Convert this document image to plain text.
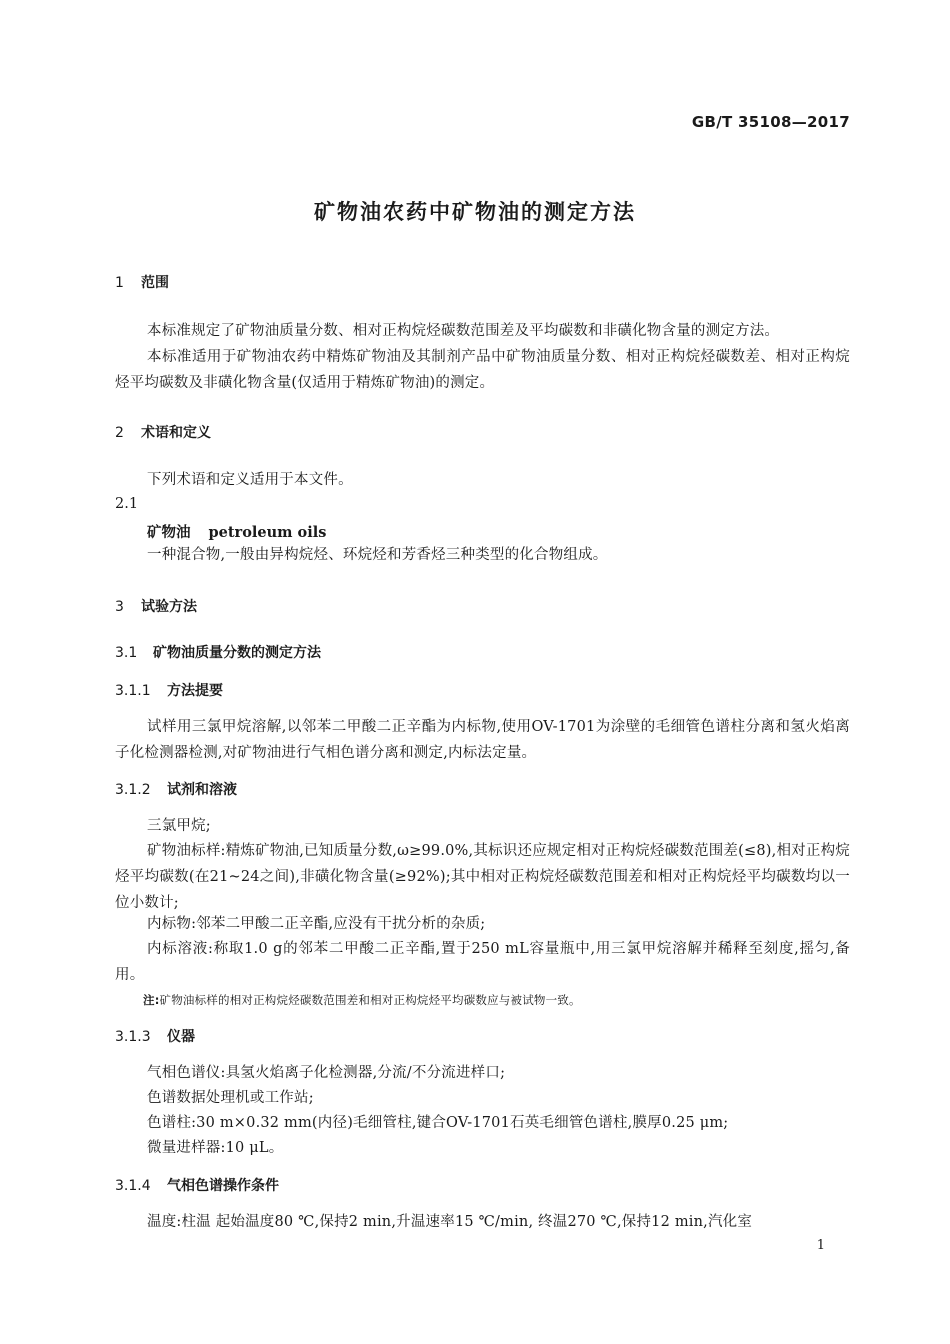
GB/T 35108—2017
矿物油农药中矿物油的测定方法
1 范围
本标准规定了矿物油质量分数、相对正构烷烃碳数范围差及平均碳数和非磺化物含量的测定方法。
本标准适用于矿物油农药中精炼矿物油及其制剂产品中矿物油质量分数、相对正构烷烃碳数差、相对正构烷烃平均碳数及非磺化物含量(仅适用于精炼矿物油)的测定。
2 术语和定义
下列术语和定义适用于本文件。
2.1
矿物油 petroleum oils
一种混合物,一般由异构烷烃、环烷烃和芳香烃三种类型的化合物组成。
3 试验方法
3.1 矿物油质量分数的测定方法
3.1.1 方法提要
试样用三氯甲烷溶解,以邻苯二甲酸二正辛酯为内标物,使用OV-1701为涂壁的毛细管色谱柱分离和氢火焰离子化检测器检测,对矿物油进行气相色谱分离和测定,内标法定量。
3.1.2 试剂和溶液
三氯甲烷;
矿物油标样:精炼矿物油,已知质量分数,ω≥99.0%,其标识还应规定相对正构烷烃碳数范围差(≤8),相对正构烷烃平均碳数(在21~24之间),非磺化物含量(≥92%);其中相对正构烷烃碳数范围差和相对正构烷烃平均碳数均以一位小数计;
内标物:邻苯二甲酸二正辛酯,应没有干扰分析的杂质;
内标溶液:称取1.0 g的邻苯二甲酸二正辛酯,置于250 mL容量瓶中,用三氯甲烷溶解并稀释至刻度,摇匀,备用。
注:矿物油标样的相对正构烷烃碳数范围差和相对正构烷烃平均碳数应与被试物一致。
3.1.3 仪器
气相色谱仪:具氢火焰离子化检测器,分流/不分流进样口;
色谱数据处理机或工作站;
色谱柱:30 m×0.32 mm(内径)毛细管柱,键合OV-1701石英毛细管色谱柱,膜厚0.25 μm;
微量进样器:10 μL。
3.1.4 气相色谱操作条件
温度:柱温 起始温度80 ℃,保持2 min,升温速率15 ℃/min, 终温270 ℃,保持12 min,汽化室
1
